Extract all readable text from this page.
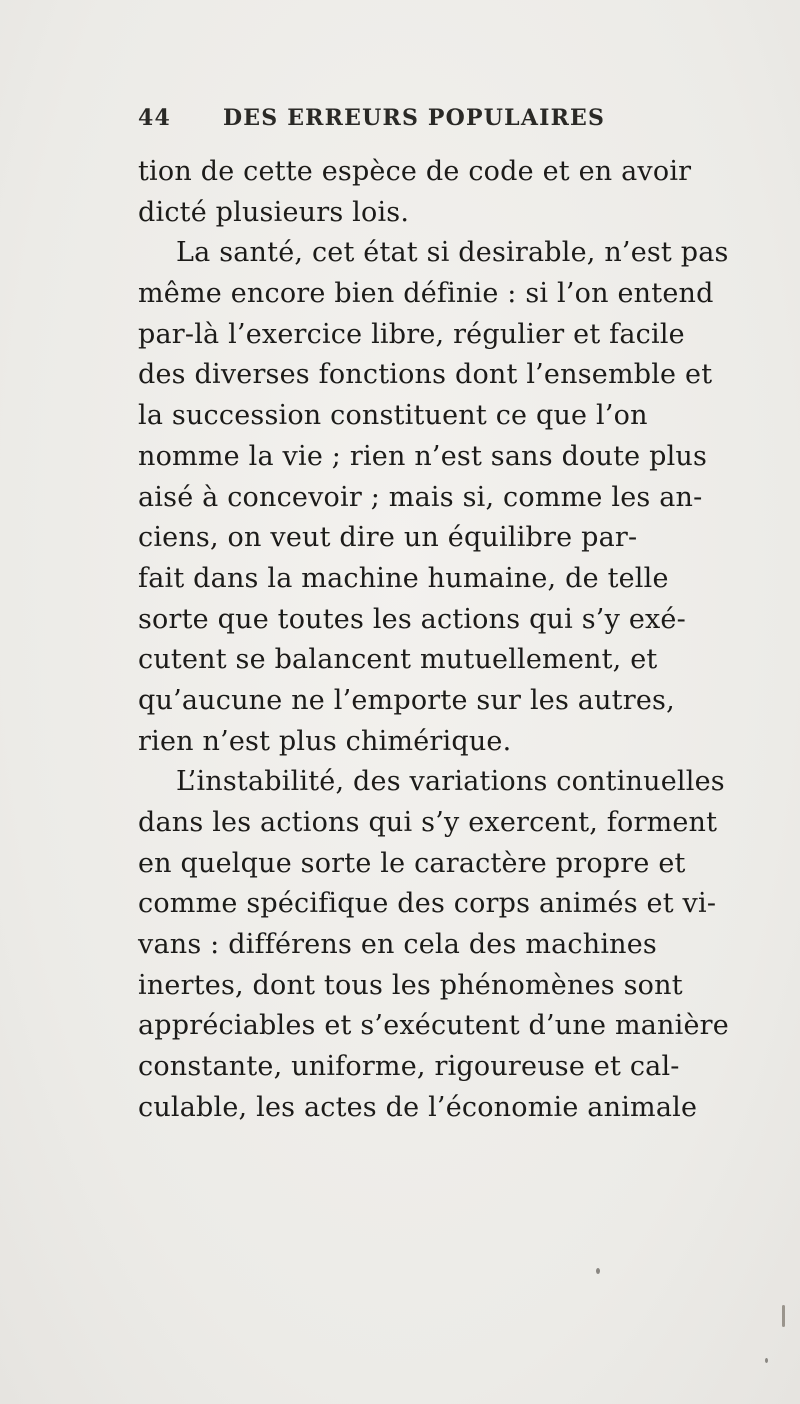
44 DES ERREURS POPULAIRES
tion de cette espèce de code et en avoir
dicté plusieurs lois.
La santé, cet état si desirable, n’est pas
même encore bien définie : si l’on entend
par-là l’exercice libre, régulier et facile
des diverses fonctions dont l’ensemble et
la succession constituent ce que l’on
nomme la vie ; rien n’est sans doute plus
aisé à concevoir ; mais si, comme les an-
ciens, on veut dire un équilibre par-
fait dans la machine humaine, de telle
sorte que toutes les actions qui s’y exé-
cutent se balancent mutuellement, et
qu’aucune ne l’emporte sur les autres,
rien n’est plus chimérique.
L’instabilité, des variations continuelles
dans les actions qui s’y exercent, forment
en quelque sorte le caractère propre et
comme spécifique des corps animés et vi-
vans : différens en cela des machines
inertes, dont tous les phénomènes sont
appréciables et s’exécutent d’une manière
constante, uniforme, rigoureuse et cal-
culable, les actes de l’économie animale
